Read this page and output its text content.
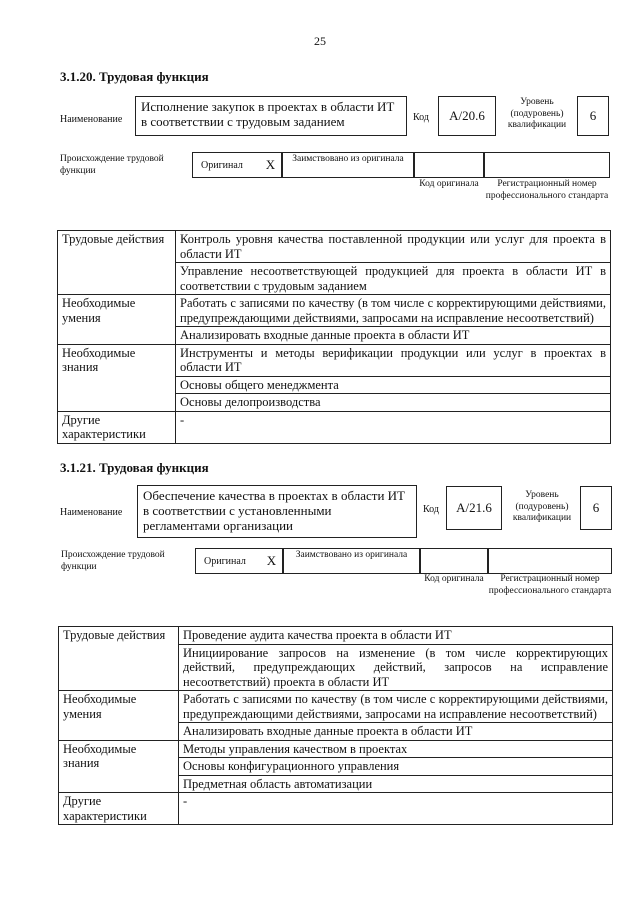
25
3.1.20. Трудовая функция
Наименование
Исполнение закупок в проектах в области ИТ в соответствии с трудовым заданием	Код А/20.6
Уровень (подуровень) квалификации
6
Происхождение трудовой функции	Оригинал Х	Заимствовано из оригинала
Код оригинала	Регистрационный номер профессионального стандарта
Трудовые действия	Контроль уровня качества поставленной продукции или услуг для проекта в области ИТ
	Управление несоответствующей продукцией для проекта в области ИТ в соответствии с трудовым заданием
Необходимые умения	Работать с записями по качеству (в том числе с корректирующими действиями, предупреждающими действиями, запросами на исправление несоответствий)
	Анализировать входные данные проекта в области ИТ
Необходимые знания	Инструменты и методы верификации продукции или услуг в проектах в области ИТ
	Основы общего менеджмента
	Основы делопроизводства
Другие характеристики	-
3.1.21. Трудовая функция
Наименование
Обеспечение качества в проектах в области ИТ в соответствии с установленными регламентами организации
Код А/21.6
Уровень (подуровень) квалификации
6
Происхождение трудовой функции	Оригинал Х	Заимствовано из оригинала
Код оригинала	Регистрационный номер профессионального стандарта
Трудовые действия	Проведение аудита качества проекта в области ИТ
	Инициирование запросов на изменение (в том числе корректирующих действий, предупреждающих действий, запросов на исправление несоответствий) проекта в области ИТ
Необходимые умения	Работать с записями по качеству (в том числе с корректирующими действиями, предупреждающими действиями, запросами на исправление несоответствий)
	Анализировать входные данные проекта в области ИТ
Необходимые знания	Методы управления качеством в проектах
	Основы конфигурационного управления
	Предметная область автоматизации
Другие характеристики	-
